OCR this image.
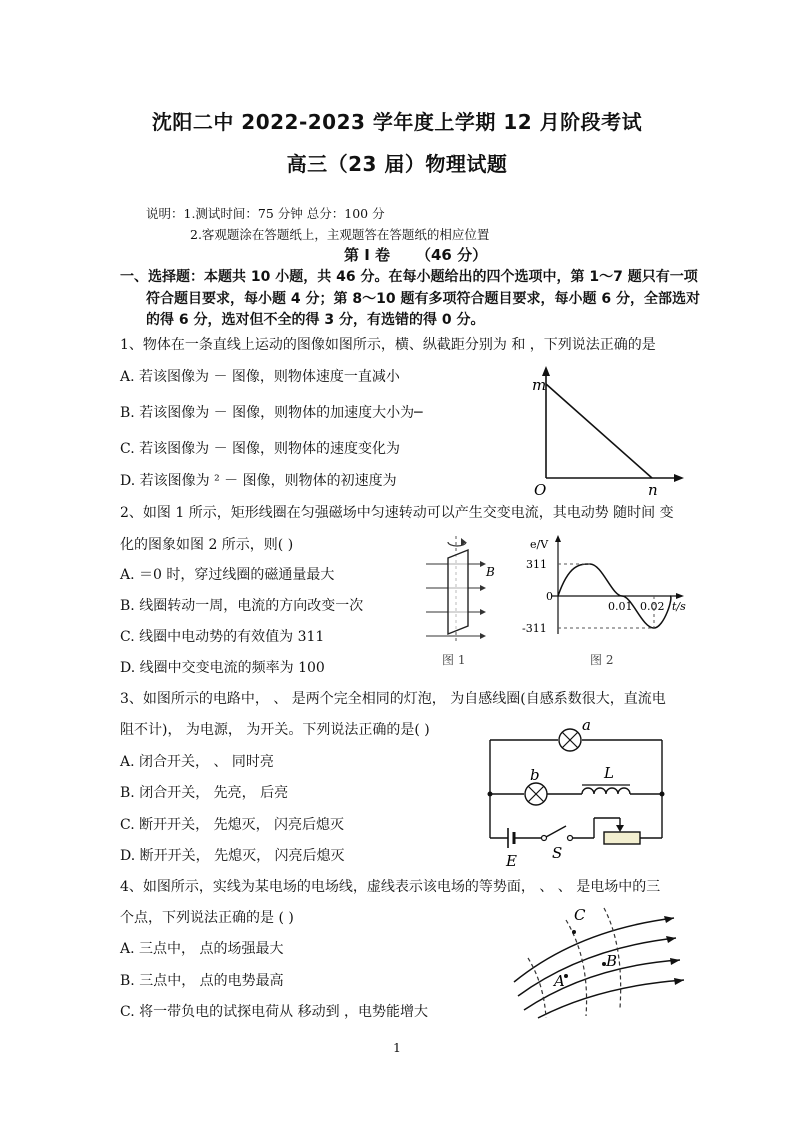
沈阳二中 2022-2023 学年度上学期 12 月阶段考试
高三（23 届）物理试题
说明：1.测试时间：75 分钟 总分：100 分
2.客观题涂在答题纸上，主观题答在答题纸的相应位置
第 I 卷 （46 分）
一、选择题：本题共 10 小题，共 46 分。在每小题给出的四个选项中，第 1～7 题只有一项
符合题目要求，每小题 4 分；第 8～10 题有多项符合题目要求，每小题 6 分，全部选对
的得 6 分，选对但不全的得 3 分，有选错的得 0 分。
1、物体在一条直线上运动的图像如图所示，横、纵截距分别为 和 ，下列说法正确的是
A. 若该图像为 － 图像，则物体速度一直减小
B. 若该图像为 － 图像，则物体的加速度大小为─
C. 若该图像为 － 图像，则物体的速度变化为
D. 若该图像为 ² － 图像，则物体的初速度为
m
n
O
2、如图 1 所示，矩形线圈在匀强磁场中匀速转动可以产生交变电流，其电动势 随时间 变
化的图象如图 2 所示，则( )
A. ＝0 时，穿过线圈的磁通量最大
B. 线圈转动一周，电流的方向改变一次
C. 线圈中电动势的有效值为 311
D. 线圈中交变电流的频率为 100
B
图 1
e/V
311
0
-311
0.01 0.02 t/s
图 2
3、如图所示的电路中， 、 是两个完全相同的灯泡， 为自感线圈(自感系数很大，直流电
阻不计)， 为电源， 为开关。下列说法正确的是( )
A. 闭合开关， 、 同时亮
B. 闭合开关， 先亮， 后亮
C. 断开开关， 先熄灭， 闪亮后熄灭
D. 断开开关， 先熄灭， 闪亮后熄灭
a
b	L
E S
4、如图所示，实线为某电场的电场线，虚线表示该电场的等势面， 、 、 是电场中的三
个点，下列说法正确的是 ( )
A. 三点中， 点的场强最大
B. 三点中， 点的电势最高
C. 将一带负电的试探电荷从 移动到 ，电势能增大
C
A
B
1
